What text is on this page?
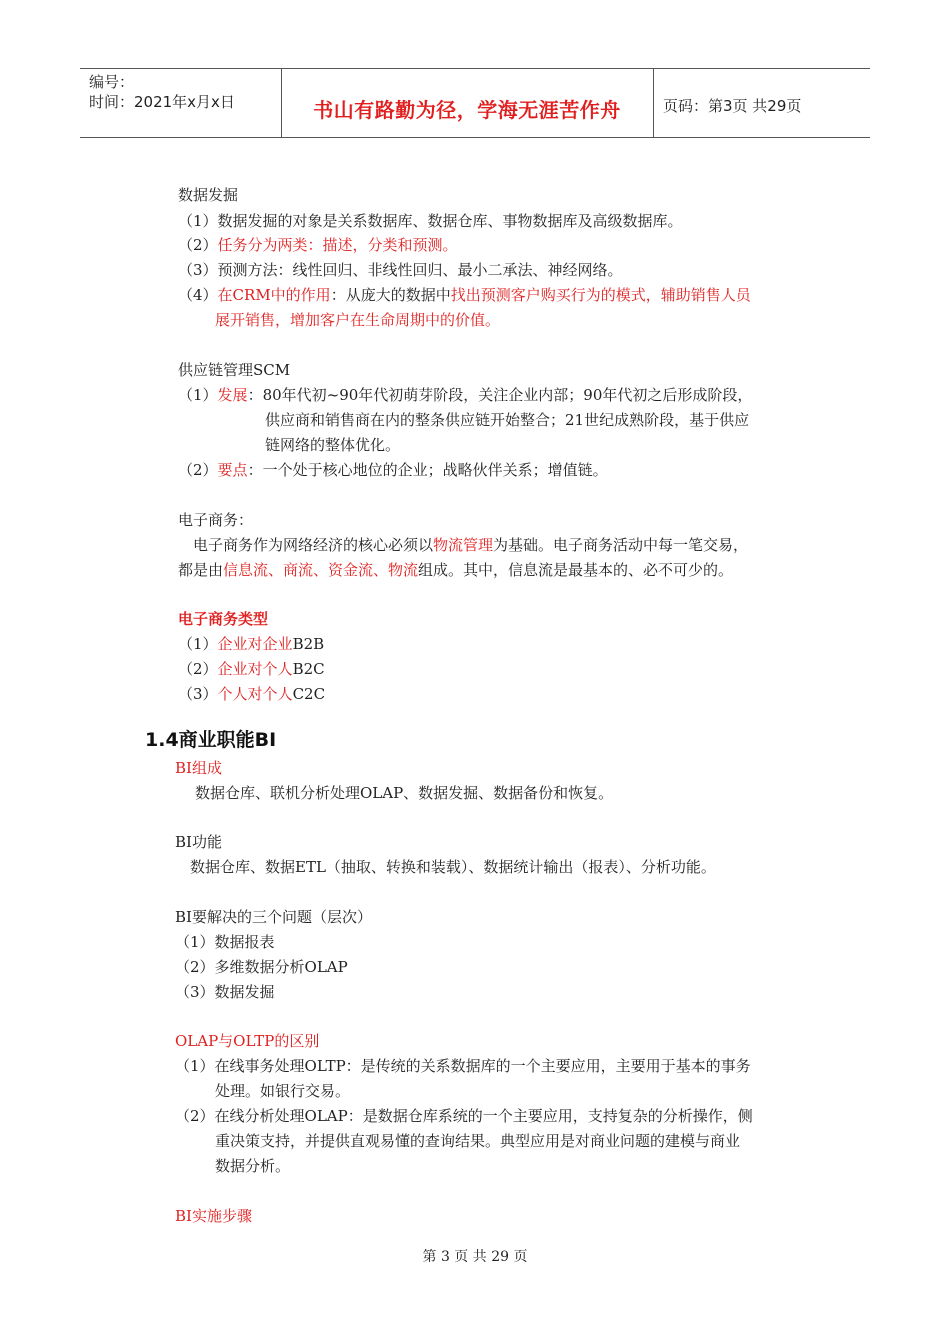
编号：
时间：2021年x月x日	书山有路勤为径，学海无涯苦作舟	页码：第3页 共29页
数据发掘
（1）数据发掘的对象是关系数据库、数据仓库、事物数据库及高级数据库。
（2）任务分为两类：描述，分类和预测。
（3）预测方法：线性回归、非线性回归、最小二承法、神经网络。
（4）在CRM中的作用：从庞大的数据中找出预测客户购买行为的模式，辅助销售人员
展开销售，增加客户在生命周期中的价值。
供应链管理SCM
（1）发展：80年代初~90年代初萌芽阶段，关注企业内部；90年代初之后形成阶段，
供应商和销售商在内的整条供应链开始整合；21世纪成熟阶段，基于供应
链网络的整体优化。
（2）要点：一个处于核心地位的企业；战略伙伴关系；增值链。
电子商务：
电子商务作为网络经济的核心必须以物流管理为基础。电子商务活动中每一笔交易，
都是由信息流、商流、资金流、物流组成。其中，信息流是最基本的、必不可少的。
电子商务类型
（1）企业对企业B2B
（2）企业对个人B2C
（3）个人对个人C2C
1.4商业职能BI
BI组成
数据仓库、联机分析处理OLAP、数据发掘、数据备份和恢复。
BI功能
数据仓库、数据ETL（抽取、转换和装载）、数据统计输出（报表）、分析功能。
BI要解决的三个问题（层次）
（1）数据报表
（2）多维数据分析OLAP
（3）数据发掘
OLAP与OLTP的区别
（1）在线事务处理OLTP：是传统的关系数据库的一个主要应用，主要用于基本的事务
处理。如银行交易。
（2）在线分析处理OLAP：是数据仓库系统的一个主要应用，支持复杂的分析操作，侧
重决策支持，并提供直观易懂的查询结果。典型应用是对商业问题的建模与商业
数据分析。
BI实施步骤
第 3 页 共 29 页
